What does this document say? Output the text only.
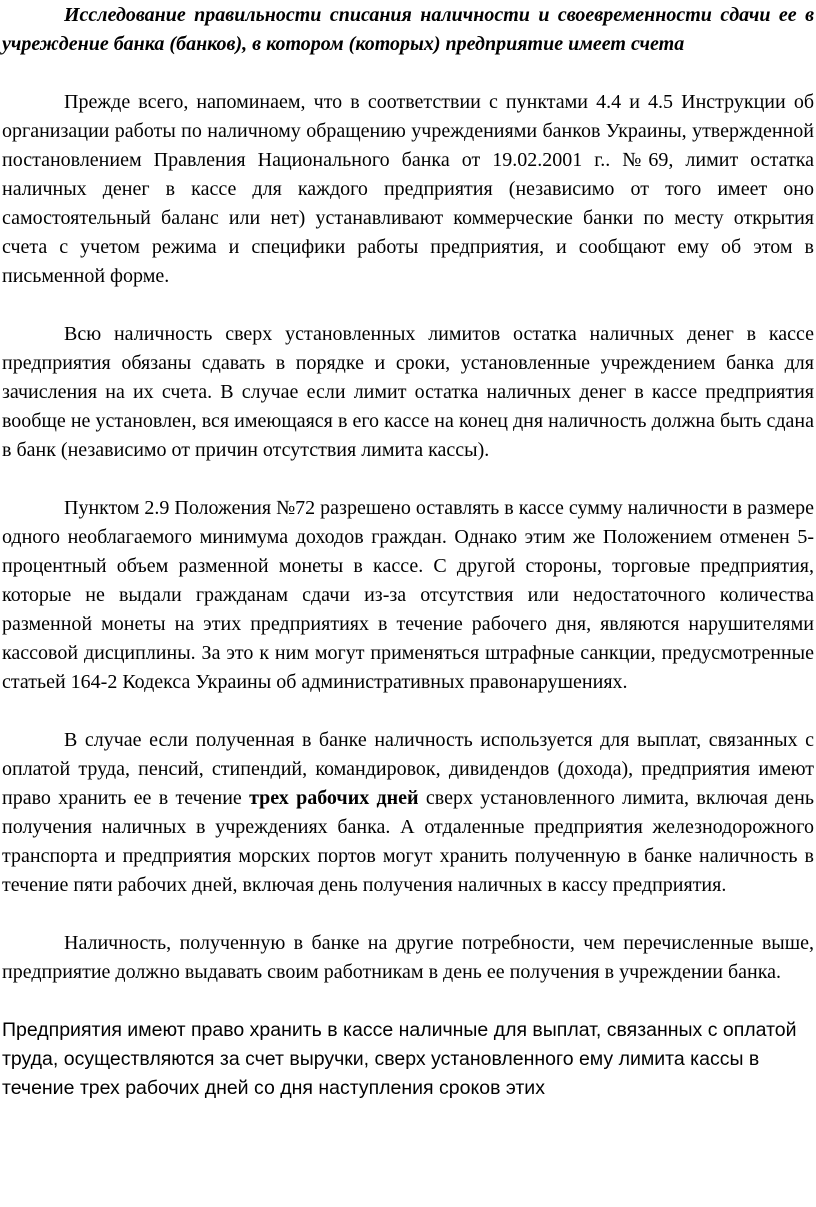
Исследование правильности списания наличности и своевременности сдачи ее в учреждение банка (банков), в котором (которых) предприятие имеет счета

Прежде всего, напоминаем, что в соответствии с пунктами 4.4 и 4.5 Инструкции об организации работы по наличному обращению учреждениями банков Украины, утвержденной постановлением Правления Национального банка от 19.02.2001 г.. №69, лимит остатка наличных денег в кассе для каждого предприятия (независимо от того имеет оно самостоятельный баланс или нет) устанавливают коммерческие банки по месту открытия счета с учетом режима и специфики работы предприятия, и сообщают ему об этом в письменной форме.

Всю наличность сверх установленных лимитов остатка наличных денег в кассе предприятия обязаны сдавать в порядке и сроки, установленные учреждением банка для зачисления на их счета. В случае если лимит остатка наличных денег в кассе предприятия вообще не установлен, вся имеющаяся в его кассе на конец дня наличность должна быть сдана в банк (независимо от причин отсутствия лимита кассы).

Пунктом 2.9 Положения №72 разрешено оставлять в кассе сумму наличности в размере одного необлагаемого минимума доходов граждан. Однако этим же Положением отменен 5-процентный объем разменной монеты в кассе. С другой стороны, торговые предприятия, которые не выдали гражданам сдачи из-за отсутствия или недостаточного количества разменной монеты на этих предприятиях в течение рабочего дня, являются нарушителями кассовой дисциплины. За это к ним могут применяться штрафные санкции, предусмотренные статьей 164-2 Кодекса Украины об административных правонарушениях.

В случае если полученная в банке наличность используется для выплат, связанных с оплатой труда, пенсий, стипендий, командировок, дивидендов (дохода), предприятия имеют право хранить ее в течение трех рабочих дней сверх установленного лимита, включая день получения наличных в учреждениях банка. А отдаленные предприятия железнодорожного транспорта и предприятия морских портов могут хранить полученную в банке наличность в течение пяти рабочих дней, включая день получения наличных в кассу предприятия.

Наличность, полученную в банке на другие потребности, чем перечисленные выше, предприятие должно выдавать своим работникам в день ее получения в учреждении банка.

Предприятия имеют право хранить в кассе наличные для выплат, связанных с оплатой труда, осуществляются за счет выручки, сверх установленного ему лимита кассы в течение трех рабочих дней со дня наступления сроков этих
